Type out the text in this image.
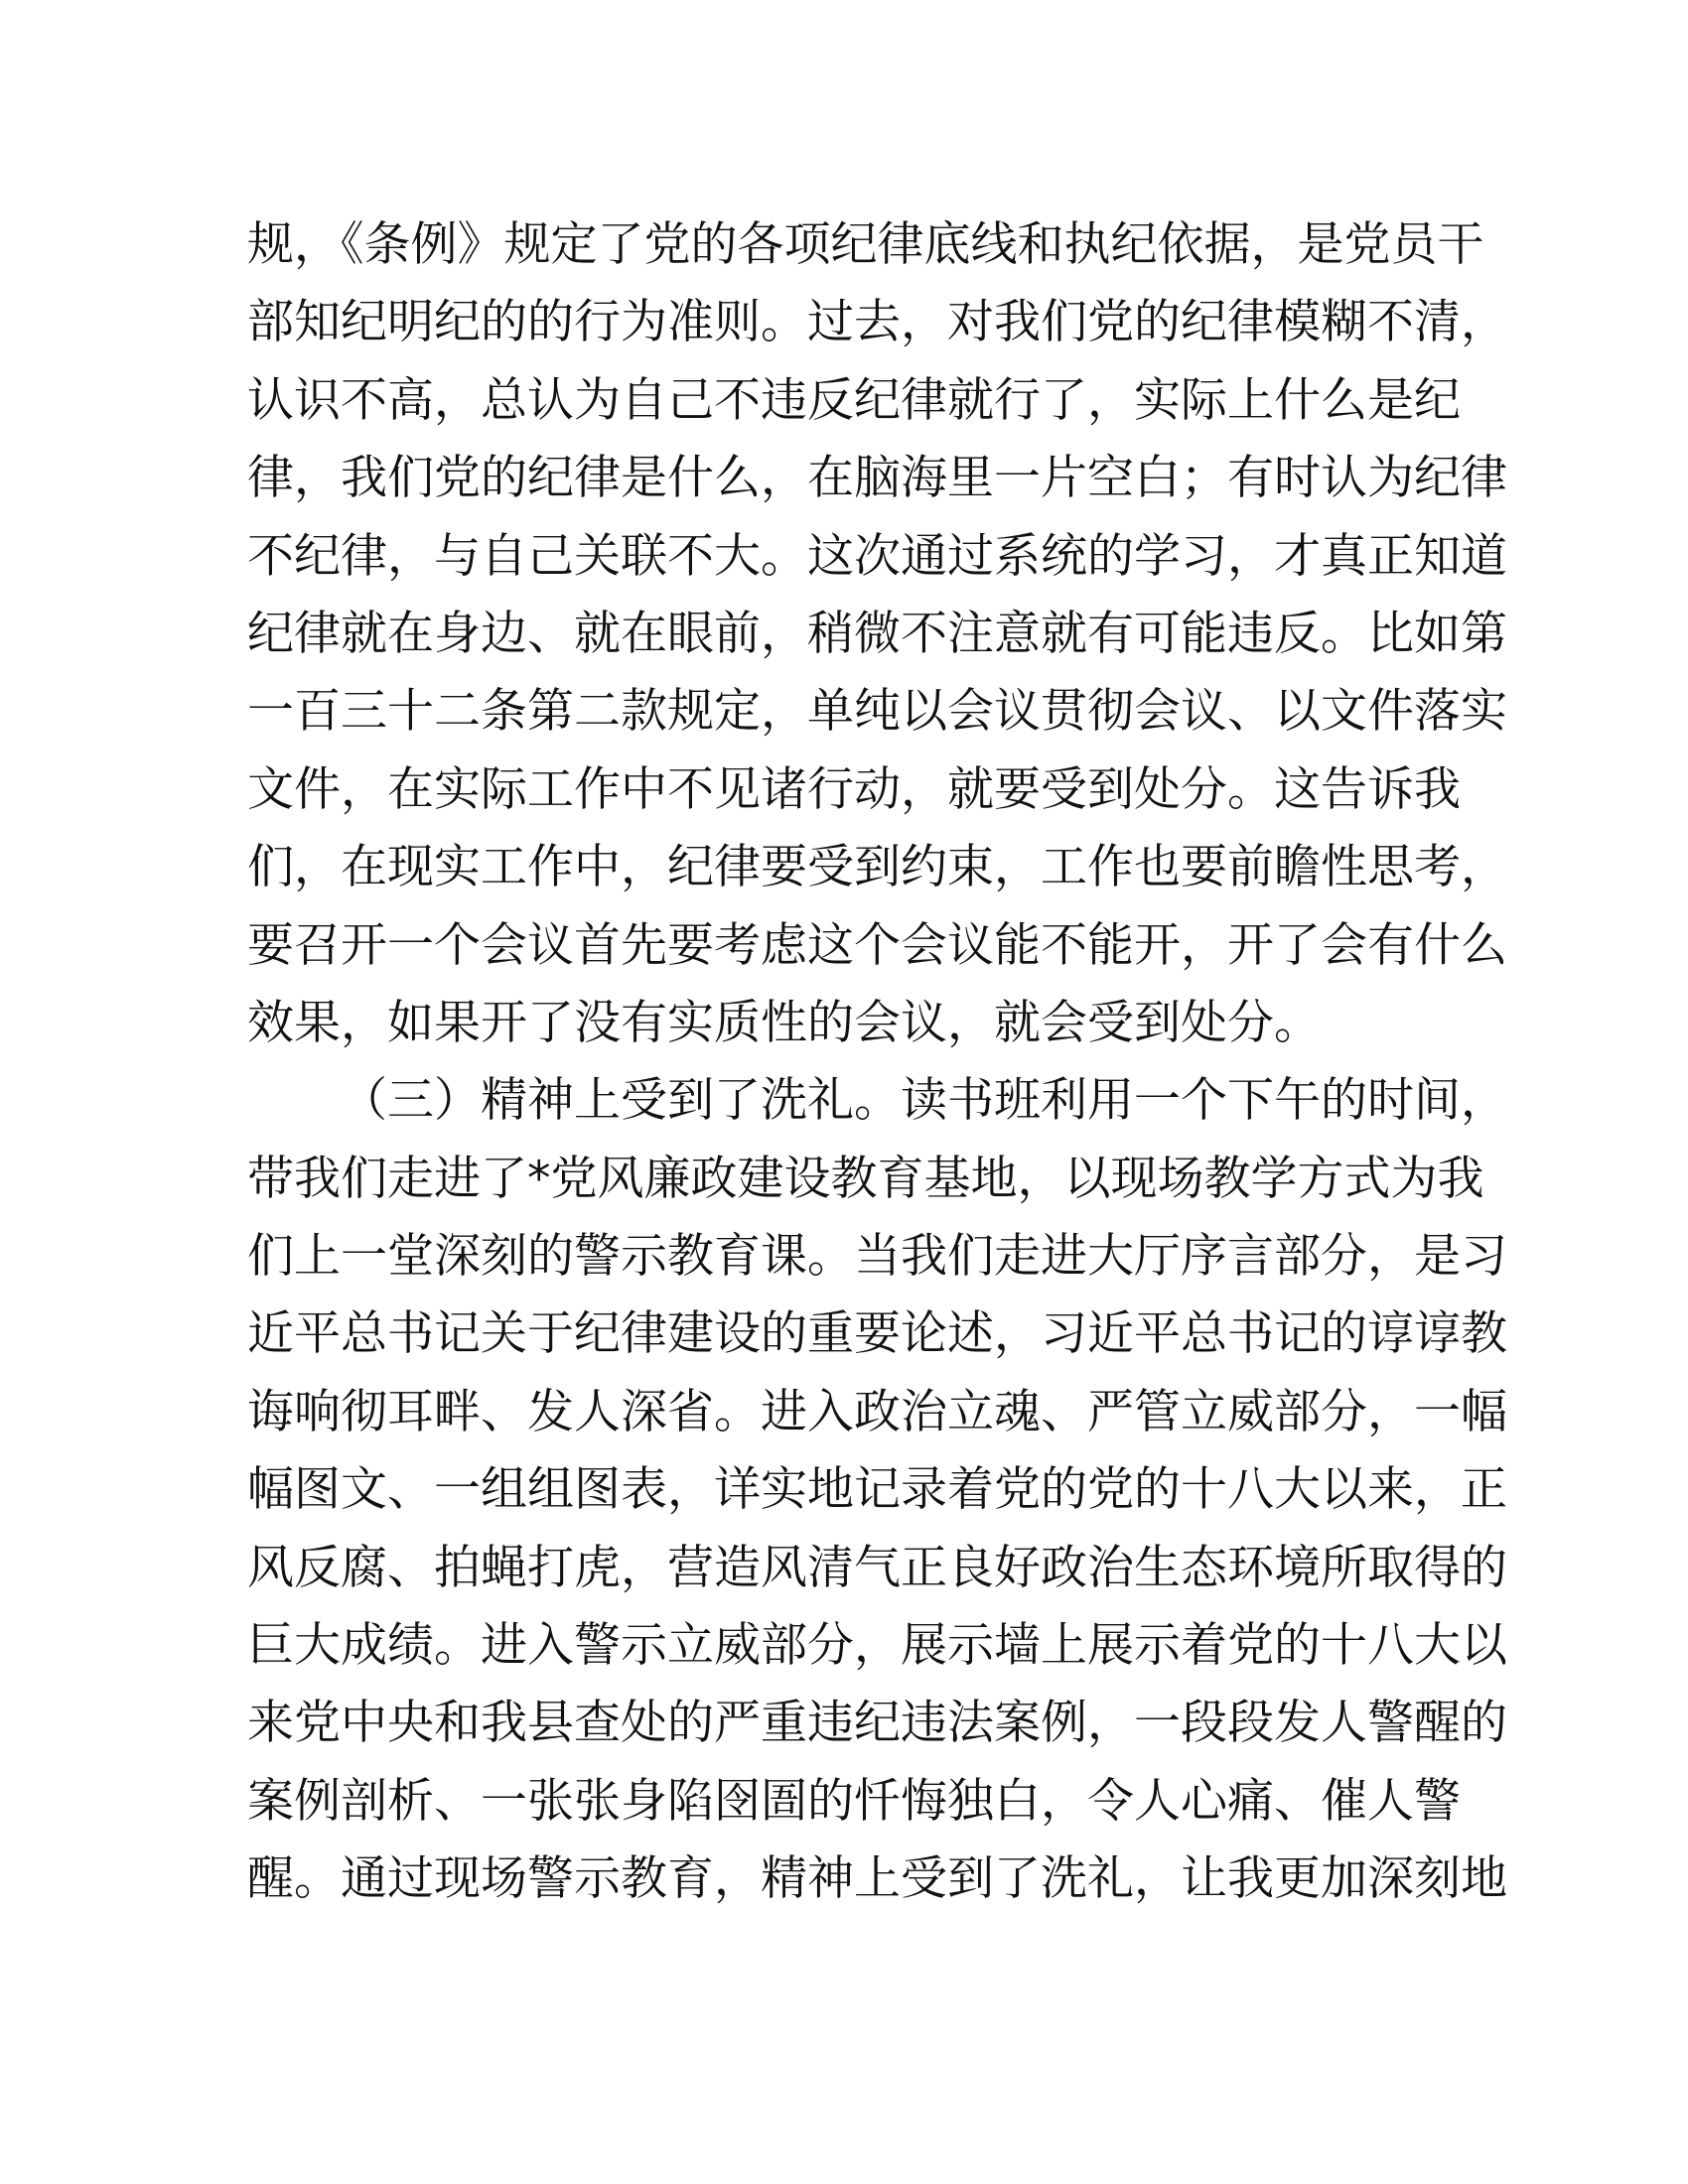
规，《条例》规定了党的各项纪律底线和执纪依据，是党员干
部知纪明纪的的行为准则。过去，对我们党的纪律模糊不清，
认识不高，总认为自己不违反纪律就行了，实际上什么是纪
律，我们党的纪律是什么，在脑海里一片空白；有时认为纪律
不纪律，与自己关联不大。这次通过系统的学习，才真正知道
纪律就在身边、就在眼前，稍微不注意就有可能违反。比如第
一百三十二条第二款规定，单纯以会议贯彻会议、以文件落实
文件，在实际工作中不见诸行动，就要受到处分。这告诉我
们，在现实工作中，纪律要受到约束，工作也要前瞻性思考，
要召开一个会议首先要考虑这个会议能不能开，开了会有什么
效果，如果开了没有实质性的会议，就会受到处分。
（三）精神上受到了洗礼。读书班利用一个下午的时间，
带我们走进了*党风廉政建设教育基地，以现场教学方式为我
们上一堂深刻的警示教育课。当我们走进大厅序言部分，是习
近平总书记关于纪律建设的重要论述，习近平总书记的谆谆教
诲响彻耳畔、发人深省。进入政治立魂、严管立威部分，一幅
幅图文、一组组图表，详实地记录着党的党的十八大以来，正
风反腐、拍蝇打虎，营造风清气正良好政治生态环境所取得的
巨大成绩。进入警示立威部分，展示墙上展示着党的十八大以
来党中央和我县查处的严重违纪违法案例，一段段发人警醒的
案例剖析、一张张身陷囹圄的忏悔独白，令人心痛、催人警
醒。通过现场警示教育，精神上受到了洗礼，让我更加深刻地
